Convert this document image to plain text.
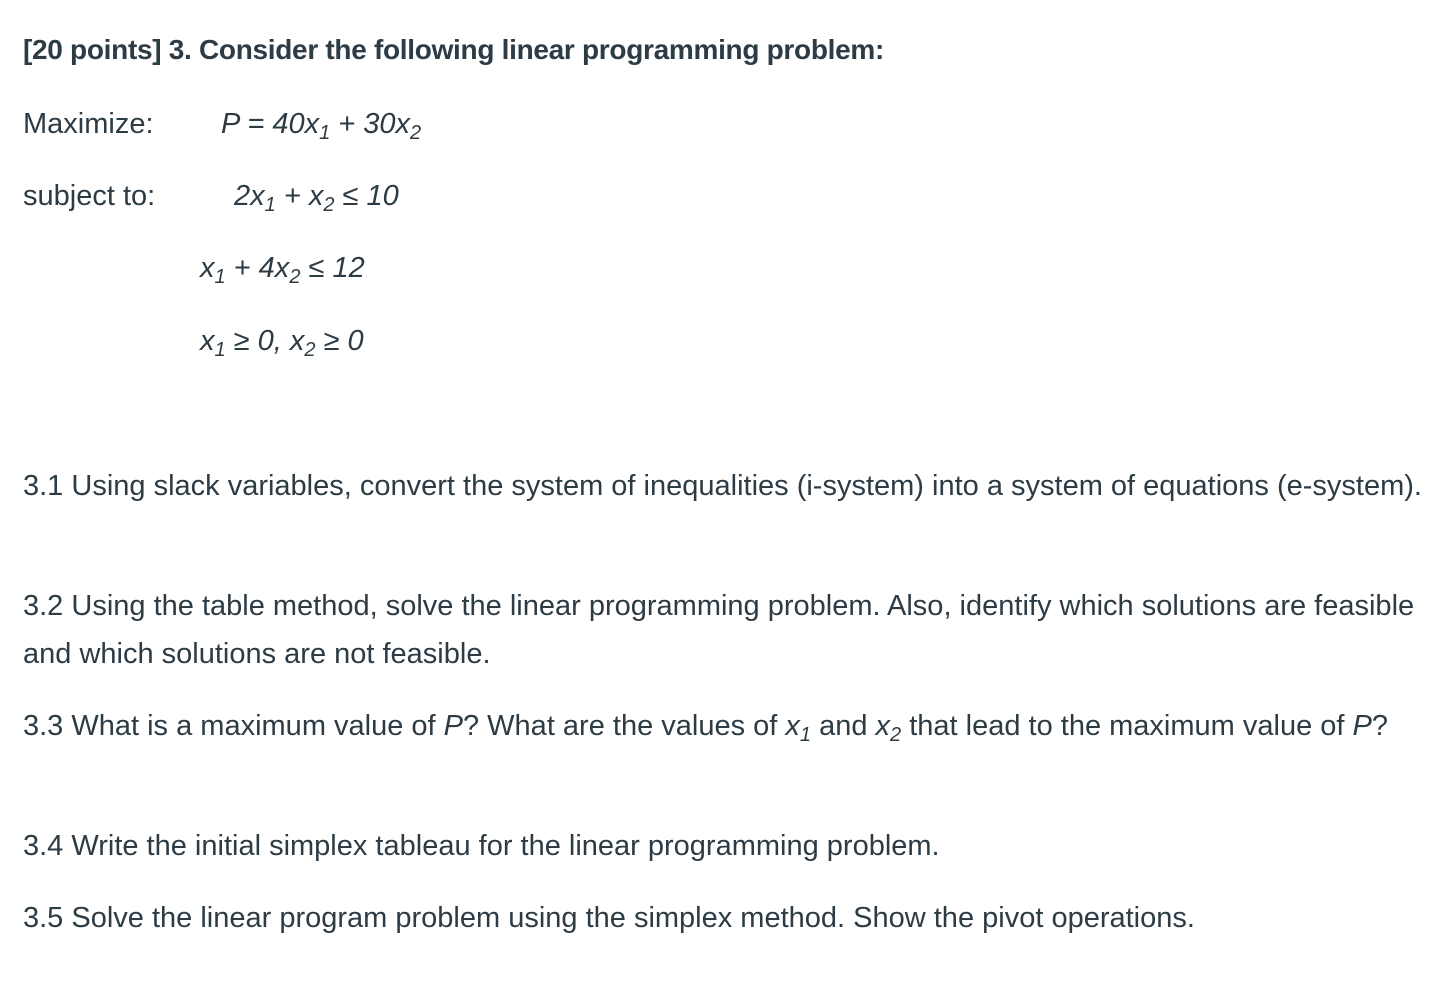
[20 points] 3. Consider the following linear programming problem:
Maximize: $P = 40x_1 + 30x_2$
subject to:	$2x_1 + x_2 \le 10$
$x_1 + 4x_2 \le 12$
$x_1 \ge 0$, $x_2 \ge 0$
3.1 Using slack variables, convert the system of inequalities (i-system) into a system of equations (e-system).
3.2 Using the table method, solve the linear programming problem. Also, identify which solutions are feasible and which solutions are not feasible.
3.3 What is a maximum value of P? What are the values of $x_1$ and $x_2$ that lead to the maximum value of P?
3.4 Write the initial simplex tableau for the linear programming problem.
3.5 Solve the linear program problem using the simplex method. Show the pivot operations.
